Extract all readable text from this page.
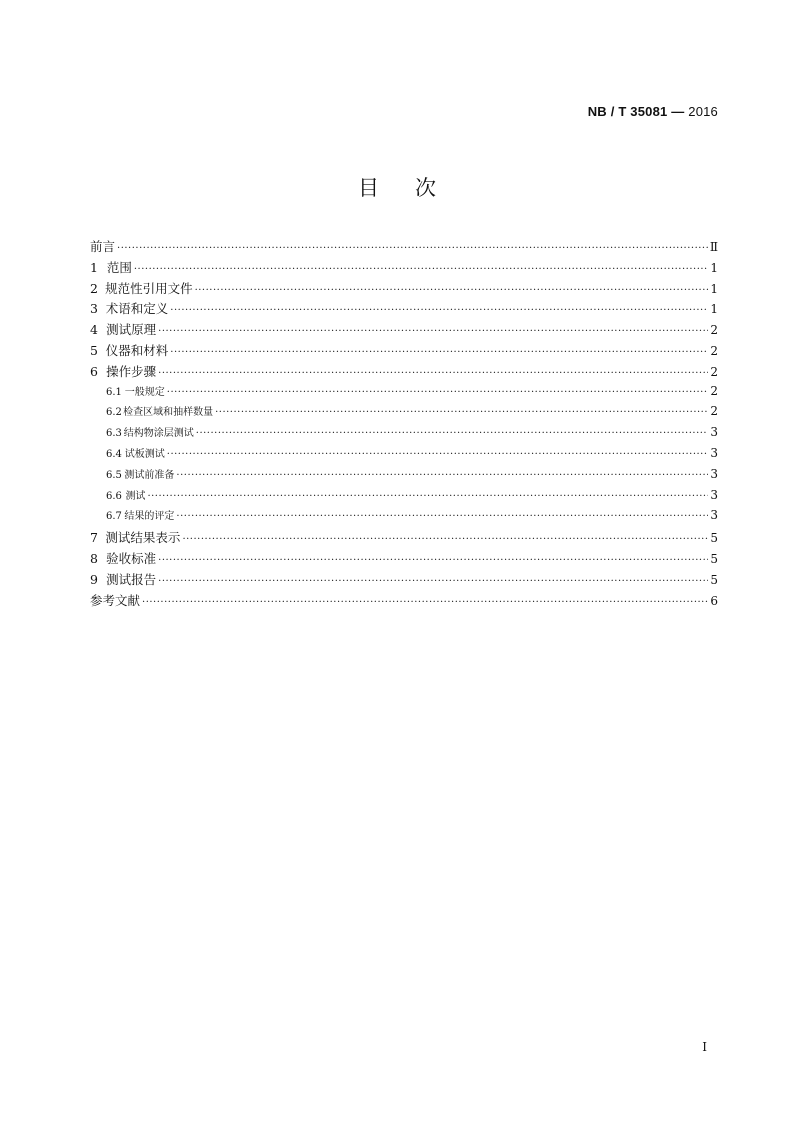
NB / T 35081 — 2016
目次
前言 ·····	Ⅱ
1 范围 ·····	1
2 规范性引用文件 ·····	1
3 术语和定义 ·····	1
4 测试原理 ·····	2
5 仪器和材料 ·····	2
6 操作步骤 ·····	2
6.1 一般规定 ·····	2
6.2 检查区域和抽样数量 ·····	2
6.3 结构物涂层测试 ·····	3
6.4 试板测试 ·····	3
6.5 测试前准备 ·····	3
6.6 测试 ·····	3
6.7 结果的评定 ·····	3
7 测试结果表示 ·····	5
8 验收标准 ·····	5
9 测试报告 ·····	5
参考文献 ·····	6
I
